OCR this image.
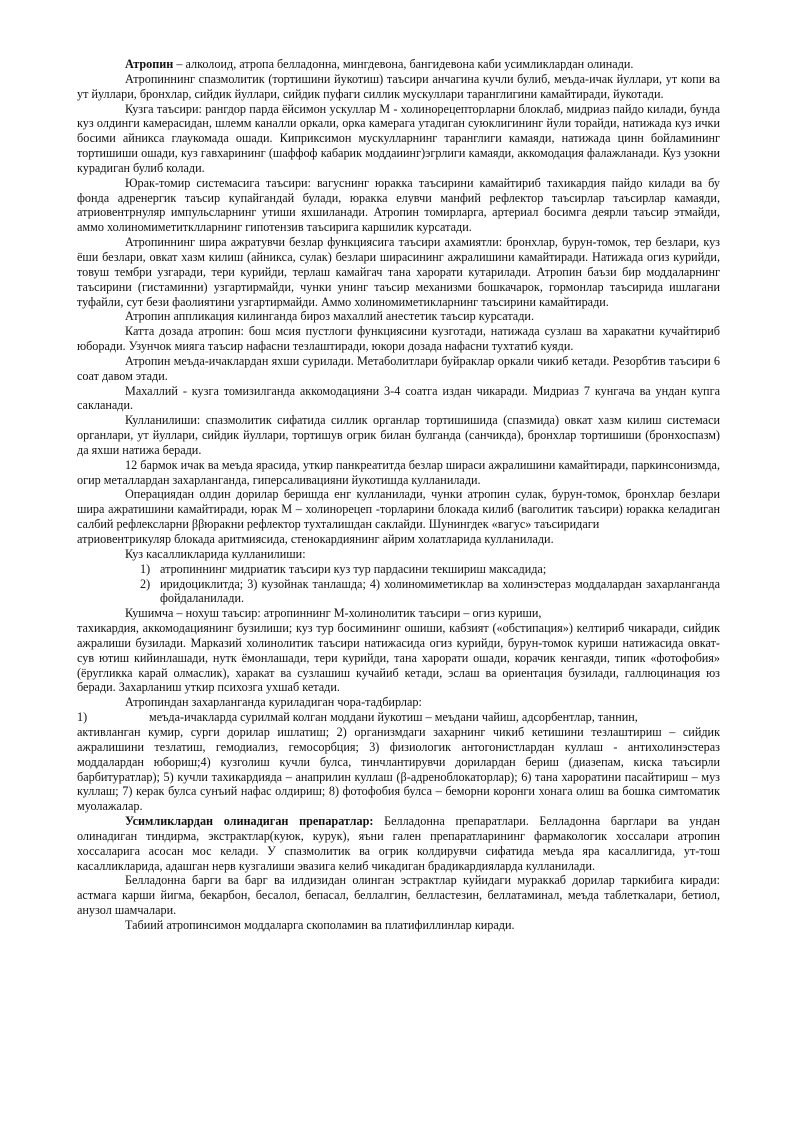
Атропин – алколоид, атропа белладонна, мингдевона, бангидевона каби усимликлардан олинади.

Атропиннинг спазмолитик (тортишини йукотиш) таъсири анчагина кучли булиб, меъда-ичак йуллари, ут копи ва ут йуллари, бронхлар, сийдик йуллари, сийдик пуфаги силлик мускуллари таранглигини камайтиради, йукотади.

Кузга таъсири: рангдор парда ёйсимон ускуллар М - холинорецепторларни блоклаб, мидриаз пайдо килади, бунда куз олдинги камерасидан, шлемм каналли оркали, орка камерага утадиган суюклигининг йули торайди, натижада куз ички босими айникса глаукомада ошади. Киприксимон мускулларнинг таранглиги камаяди, натижада цинн бойламининг тортишиши ошади, куз гавхарининг (шаффоф кабарик моддаиинг)эгрлиги камаяди, аккомодация фалажланади. Куз узокни курадиган булиб колади.

Юрак-томир системасига таъсири: вагуснинг юракка таъсирини камайтириб тахикардия пайдо килади ва бу фонда адренергик таъсир купайгандай булади, юракка елувчи манфий рефлектор таъсирлар таъсирлар камаяди, атриовентрнуляр импульсларнинг утиши яхшиланади. Атропин томирларга, артериал босимга деярли таъсир этмайди, аммо холиномиметитклларнинг гипотензив таъсирига каршилик курсатади.

Атропиннинг шира ажратувчи безлар функциясига таъсири ахамиятли: бронхлар, бурун-томок, тер безлари, куз ёши безлари, овкат хазм килиш (айникса, сулак) безлари ширасининг ажралишини камайтиради. Натижада огиз курийди, товуш тембри узгаради, тери курийди, терлаш камайгач тана харорати кутарилади. Атропин баъзи бир моддаларнинг таъсирини (гистаминни) узгартирмайди, чунки унинг таъсир механизми бошкачарок, гормонлар таъсирида ишлагани туфайли, сут бези фаолиятини узгартирмайди. Аммо холиномиметикларнинг таъсирини камайтиради.

Атропин аппликация килинганда бироз махаллий анестетик таъсир курсатади.

Катта дозада атропин: бош мсия пустлоги функциясини кузготади, натижада сузлаш ва харакатни кучайтириб юборади. Узунчок мияга таъсир нафасни тезлаштиради, юкори дозада нафасни тухтатиб куяди.

Атропин меъда-ичаклардан яхши сурилади. Метаболитлари буйраклар оркали чикиб кетади. Резорбтив таъсири 6 соат давом этади.

Махаллий - кузга томизилганда аккомодацияни 3-4 соатга издан чикаради. Мидриаз 7 кунгача ва ундан купга сакланади.

Кулланилиши: спазмолитик сифатида силлик органлар тортишишида (спазмида) овкат хазм килиш системаси органлари, ут йуллари, сийдик йуллари, тортишув огрик билан булганда (санчикда), бронхлар тортишиши (бронхоспазм) да яхши натижа беради.

12 бармок ичак ва меъда ярасида, уткир панкреатитда безлар шираси ажралишини камайтиради, паркинсонизмда, огир металлардан захарланганда, гиперсаливацияни йукотишда кулланилади.

Операциядан олдин дорилар беришда енг кулланилади, чунки атропин сулак, бурун-томок, бронхлар безлари шира ажратишини камайтиради, юрак М – холинорецеп -торларини блокада килиб (ваголитик таъсири) юракка келадиган салбий рефлексларни ββюракни рефлектор тухталишдан саклайди. Шунингдек «вагус» таъсиридаги

атриовентрикуляр блокада аритмиясида, стенокардиянинг айрим холатларида кулланилади.

Куз касалликларида кулланилиши:

1) атропиннинг мидриатик таъсири куз тур пардасини текшириш максадида;
2) иридоциклитда; 3) кузойнак танлашда; 4) холиномиметиклар ва холинэстераз моддалардан захарланганда фойдаланилади.

Кушимча – нохуш таъсир: атропиннинг М-холинолитик таъсири – огиз куриши,

тахикардия, аккомодациянинг бузилиши; куз тур босимининг ошиши, кабзият («обстипация») келтириб чикаради, сийдик ажралиши бузилади. Марказий холинолитик таъсири натижасида огиз курийди, бурун-томок куриши натижасида овкат-сув ютиш кийинлашади, нутк ёмонлашади, тери курийди, тана харорати ошади, корачик кенгаяди, типик «фотофобия» (ёругликка карай олмаслик), харакат ва сузлашиш кучайиб кетади, эслаш ва ориентация бузилади, галлюцинация юз беради. Захарланиш уткир психозга ухшаб кетади.

Атропиндан захарланганда куриладиган чора-тадбирлар:

1)	меъда-ичакларда сурилмай колган моддани йукотиш – меъдани чайиш, адсорбентлар, таннин,
активланган кумир, сурги дорилар ишлатиш; 2) организмдаги захарнинг чикиб кетишини тезлаштириш – сийдик ажралишини тезлатиш, гемодиализ, гемосорбция; 3) физиологик антогонистлардан куллаш - антихолинэстераз моддалардан юбориш;4) кузголиш кучли булса, тинчлантирувчи дорилардан бериш (диазепам, киска таъсирли барбитуратлар); 5) кучли тахикардияда – анаприлин куллаш (β-адреноблокаторлар); 6) тана хароратини пасайтириш – муз куллаш; 7) керак булса сунъий нафас олдириш; 8) фотофобия булса – беморни коронги хонага олиш ва бошка симтоматик муолажалар.

Усимликлардан олинадиган препаратлар: Белладонна препаратлари. Белладонна барглари ва ундан олинадиган тиндирма, экстрактлар(куюк, курук), яъни гален препаратларининг фармакологик хоссалари атропин хоссаларига асосан мос келади. У спазмолитик ва огрик колдирувчи сифатида меъда яра касаллигида, ут-тош касалликларида, адашган нерв кузгалиши эвазига келиб чикадиган брадикардияларда кулланилади.

Белладонна барги ва барг ва илдизидан олинган эстрактлар куйидаги мураккаб дорилар таркибига киради: астмага карши йигма, бекарбон, бесалол, бепасал, беллалгин, белластезин, беллатаминал, меъда таблеткалари, бетиол, анузол шамчалари.

Табиий атропинсимон моддаларга скополамин ва платифиллинлар киради.
